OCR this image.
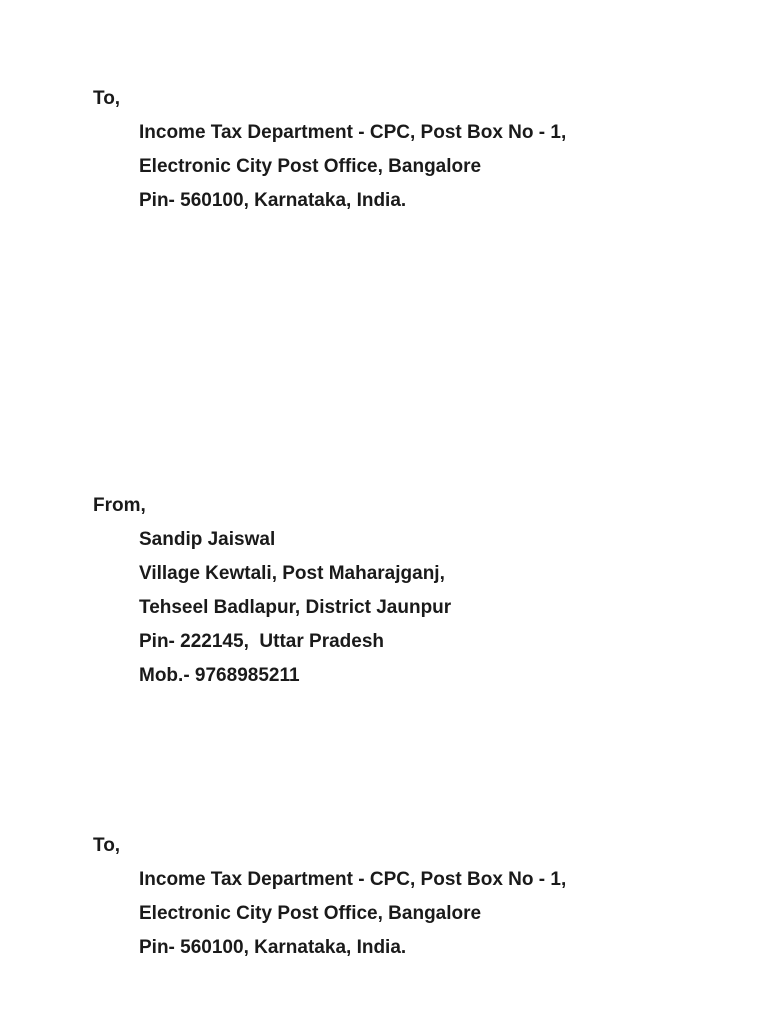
To,
Income Tax Department - CPC, Post Box No - 1,
Electronic City Post Office, Bangalore
Pin- 560100, Karnataka, India.
From,
Sandip Jaiswal
Village Kewtali, Post Maharajganj,
Tehseel Badlapur, District Jaunpur
Pin- 222145,  Uttar Pradesh
Mob.- 9768985211
To,
Income Tax Department - CPC, Post Box No - 1,
Electronic City Post Office, Bangalore
Pin- 560100, Karnataka, India.
